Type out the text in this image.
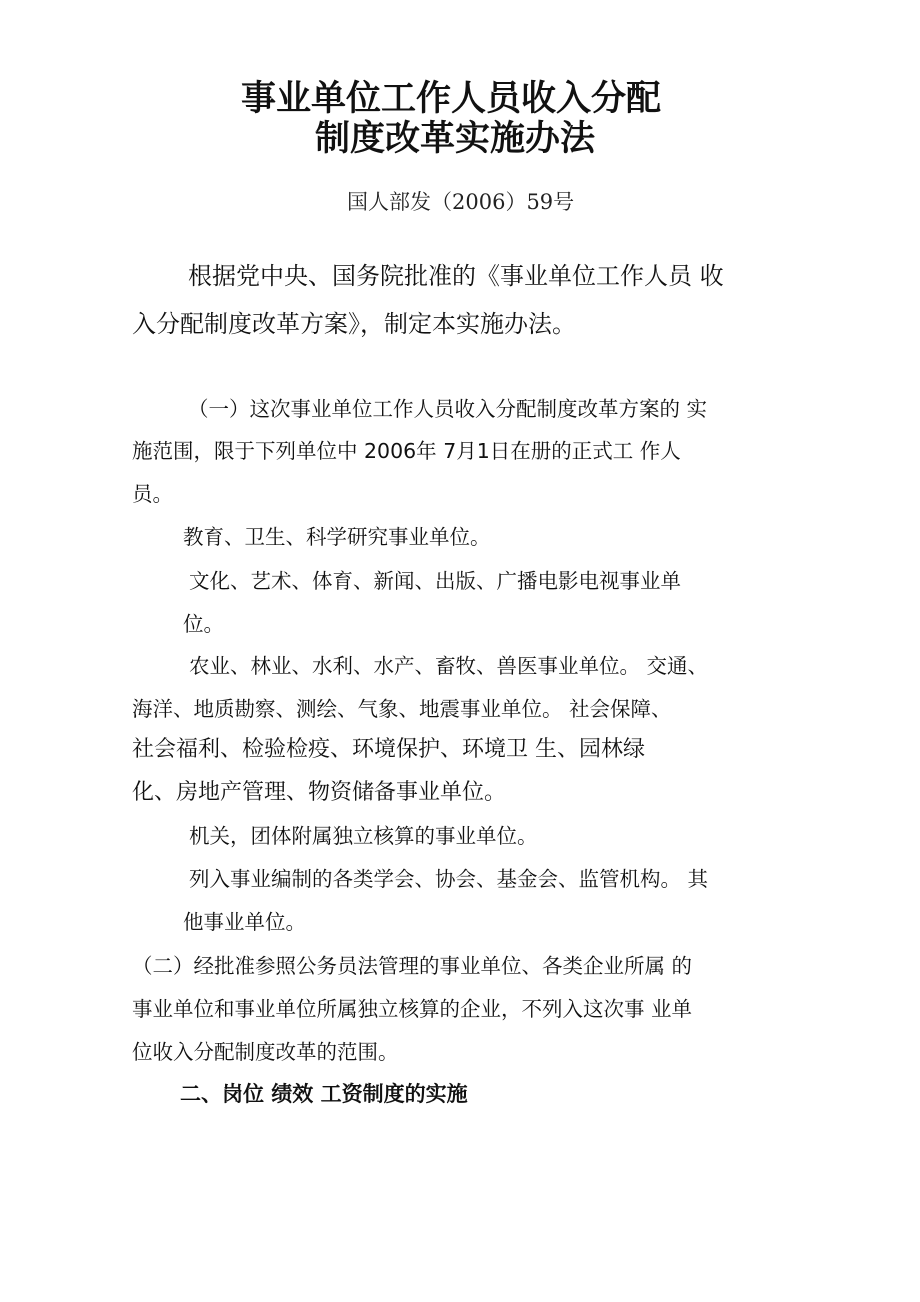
事业单位工作人员收入分配
制度改革实施办法
国人部发（2006）59号
根据党中央、国务院批准的《事业单位工作人员 收
入分配制度改革方案》，制定本实施办法。
（一）这次事业单位工作人员收入分配制度改革方案的 实
施范围，限于下列单位中 2006年 7月1日在册的正式工 作人
员。
教育、卫生、科学研究事业单位。
文化、艺术、体育、新闻、出版、广播电影电视事业单
位。
农业、林业、水利、水产、畜牧、兽医事业单位。 交通、
海洋、地质勘察、测绘、气象、地震事业单位。 社会保障、
社会福利、检验检疫、环境保护、环境卫 生、园林绿
化、房地产管理、物资储备事业单位。
机关，团体附属独立核算的事业单位。
列入事业编制的各类学会、协会、基金会、监管机构。 其
他事业单位。
（二）经批准参照公务员法管理的事业单位、各类企业所属 的
事业单位和事业单位所属独立核算的企业，不列入这次事 业单
位收入分配制度改革的范围。
二、岗位 绩效 工资制度的实施
